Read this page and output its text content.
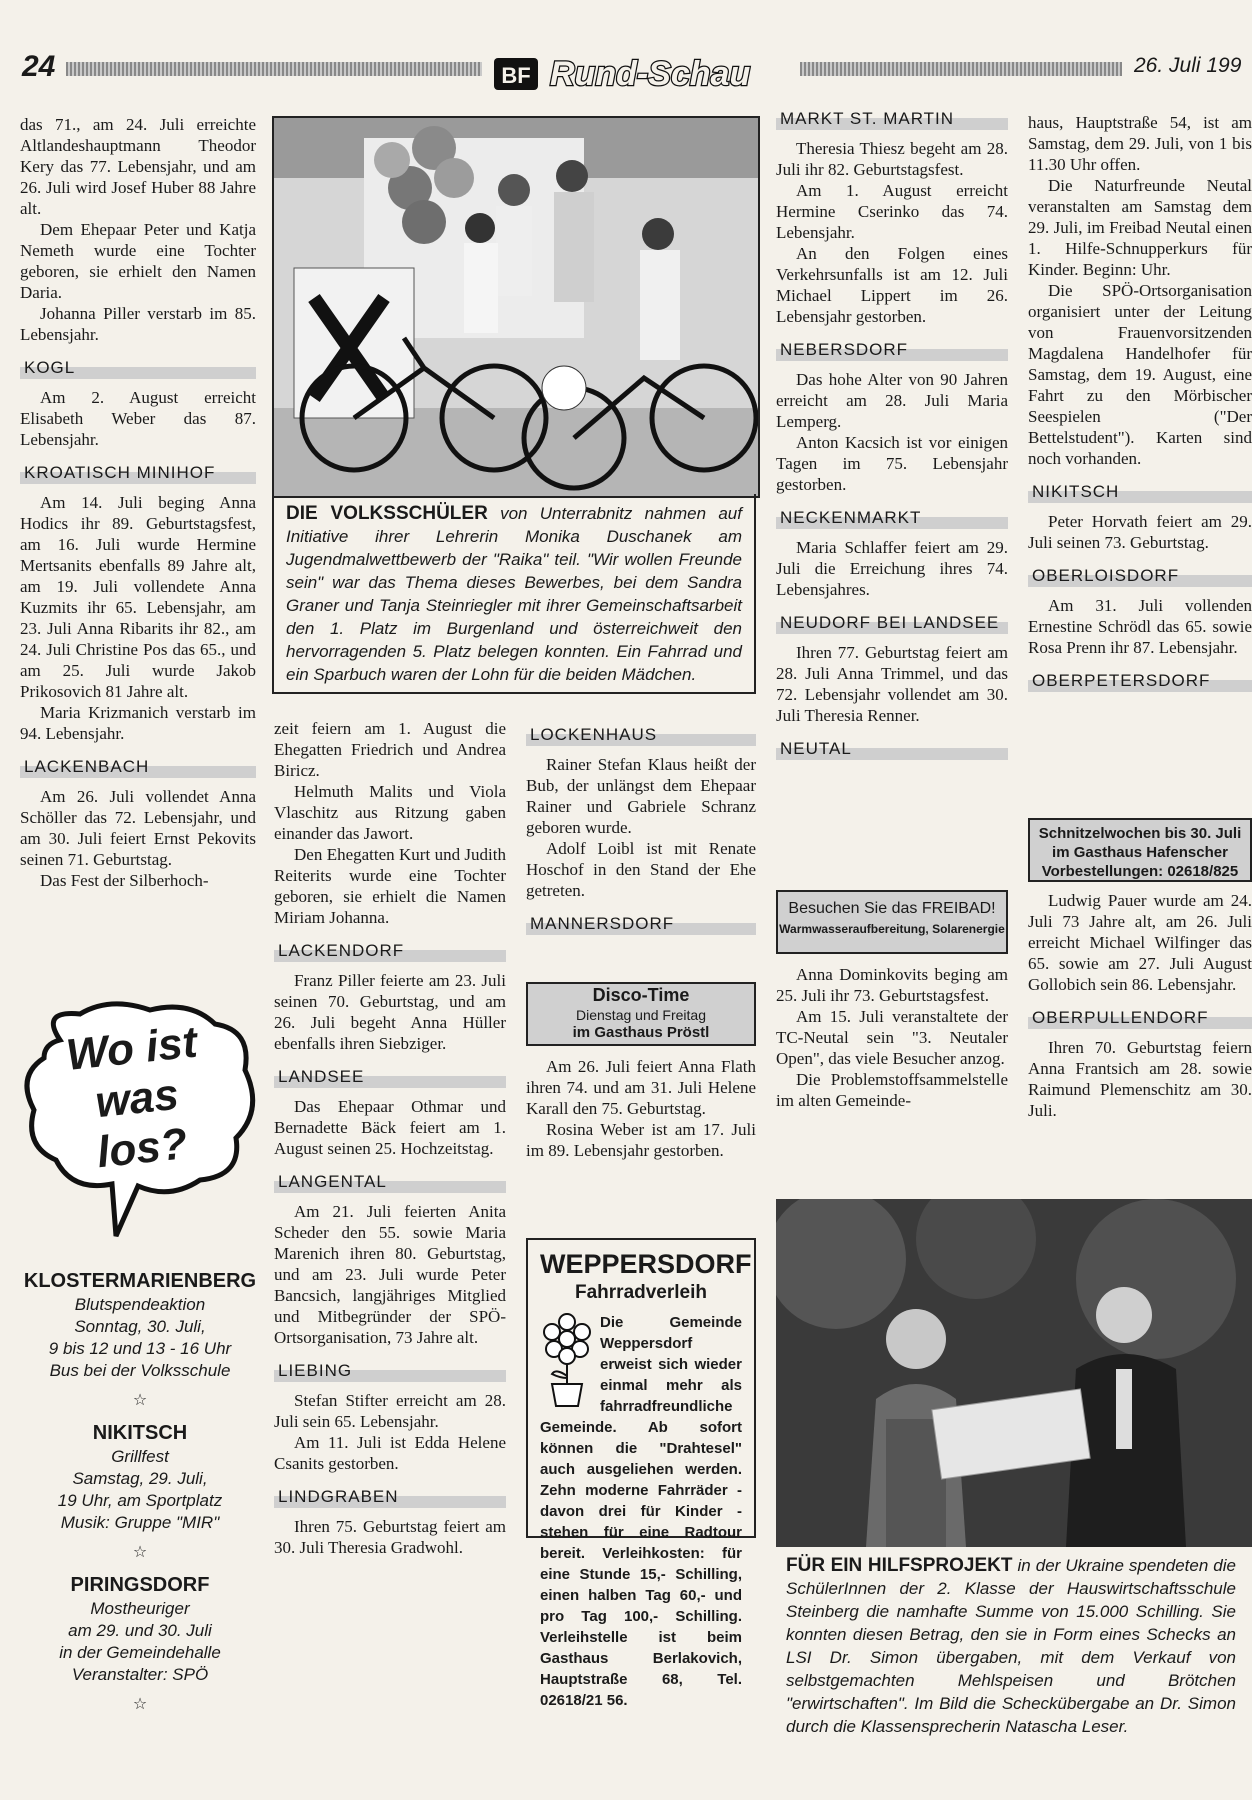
24	BF Rund-Schau	26. Juli 199

das 71., am 24. Juli erreichte Altlandeshauptmann Theodor Kery das 77. Lebensjahr, und am 26. Juli wird Josef Huber 88 Jahre alt.

Dem Ehepaar Peter und Katja Nemeth wurde eine Tochter geboren, sie erhielt den Namen Daria.

Johanna Piller verstarb im 85. Lebensjahr.

KOGL

Am 2. August erreicht Elisabeth Weber das 87. Lebensjahr.

KROATISCH MINIHOF

Am 14. Juli beging Anna Hodics ihr 89. Geburtstagsfest, am 16. Juli wurde Hermine Mertsanits ebenfalls 89 Jahre alt, am 19. Juli vollendete Anna Kuzmits ihr 65. Lebensjahr, am 23. Juli Anna Ribarits ihr 82., am 24. Juli Christine Pos das 65., und am 25. Juli wurde Jakob Prikosovich 81 Jahre alt.

Maria Krizmanich verstarb im 94. Lebensjahr.

LACKENBACH

Am 26. Juli vollendet Anna Schöller das 72. Lebensjahr, und am 30. Juli feiert Ernst Pekovits seinen 71. Geburtstag.

Das Fest der Silberhoch-

Wo ist was los?
KLOSTERMARIENBERG
Blutspendeaktion
Sonntag, 30. Juli,
9 bis 12 und 13 - 16 Uhr
Bus bei der Volksschule
☆
NIKITSCH
Grillfest
Samstag, 29. Juli,
19 Uhr, am Sportplatz
Musik: Gruppe "MIR"
☆
PIRINGSDORF
Mostheuriger
am 29. und 30. Juli
in der Gemeindehalle
Veranstalter: SPÖ
☆
DIE VOLKSSCHÜLER von Unterrabnitz nahmen auf Initiative ihrer Lehrerin Monika Duschanek am Jugendmalwettbewerb der "Raika" teil. "Wir wollen Freunde sein" war das Thema dieses Bewerbes, bei dem Sandra Graner und Tanja Steinriegler mit ihrer Gemeinschaftsarbeit den 1. Platz im Burgenland und österreichweit den hervorragenden 5. Platz belegen konnten. Ein Fahrrad und ein Sparbuch waren der Lohn für die beiden Mädchen.

zeit feiern am 1. August die Ehegatten Friedrich und Andrea Biricz.

Helmuth Malits und Viola Vlaschitz aus Ritzung gaben einander das Jawort.

Den Ehegatten Kurt und Judith Reiterits wurde eine Tochter geboren, sie erhielt die Namen Miriam Johanna.

LACKENDORF

Franz Piller feierte am 23. Juli seinen 70. Geburtstag, und am 26. Juli begeht Anna Hüller ebenfalls ihren Siebziger.

LANDSEE

Das Ehepaar Othmar und Bernadette Bäck feiert am 1. August seinen 25. Hochzeitstag.

LANGENTAL

Am 21. Juli feierten Anita Scheder den 55. sowie Maria Marenich ihren 80. Geburtstag, und am 23. Juli wurde Peter Bancsich, langjähriges Mitglied und Mitbegründer der SPÖ-Ortsorganisation, 73 Jahre alt.

LIEBING

Stefan Stifter erreicht am 28. Juli sein 65. Lebensjahr.

Am 11. Juli ist Edda Helene Csanits gestorben.

LINDGRABEN

Ihren 75. Geburtstag feiert am 30. Juli Theresia Gradwohl.

LOCKENHAUS

Rainer Stefan Klaus heißt der Bub, der unlängst dem Ehepaar Rainer und Gabriele Schranz geboren wurde.

Adolf Loibl ist mit Renate Hoschof in den Stand der Ehe getreten.

MANNERSDORF
Disco-Time
Dienstag und Freitag
im Gasthaus Pröstl

Am 26. Juli feiert Anna Flath ihren 74. und am 31. Juli Helene Karall den 75. Geburtstag.

Rosina Weber ist am 17. Juli im 89. Lebensjahr gestorben.

WEPPERSDORF
Fahrradverleih
Die Gemeinde Weppersdorf erweist sich wieder einmal mehr als fahrradfreundliche Gemeinde. Ab sofort können die "Drahtesel" auch ausgeliehen werden. Zehn moderne Fahrräder - davon drei für Kinder - stehen für eine Radtour bereit. Verleihkosten: für eine Stunde 15,- Schilling, einen halben Tag 60,- und pro Tag 100,- Schilling. Verleihstelle ist beim Gasthaus Berlakovich, Hauptstraße 68, Tel. 02618/21 56.
MARKT ST. MARTIN

Theresia Thiesz begeht am 28. Juli ihr 82. Geburtstagsfest.

Am 1. August erreicht Hermine Cserinko das 74. Lebensjahr.

An den Folgen eines Verkehrsunfalls ist am 12. Juli Michael Lippert im 26. Lebensjahr gestorben.

NEBERSDORF

Das hohe Alter von 90 Jahren erreicht am 28. Juli Maria Lemperg.

Anton Kacsich ist vor einigen Tagen im 75. Lebensjahr gestorben.

NECKENMARKT

Maria Schlaffer feiert am 29. Juli die Erreichung ihres 74. Lebensjahres.

NEUDORF BEI LANDSEE

Ihren 77. Geburtstag feiert am 28. Juli Anna Trimmel, und das 72. Lebensjahr vollendet am 30. Juli Theresia Renner.

NEUTAL
Besuchen Sie das FREIBAD!
Warmwasseraufbereitung, Solarenergie

Anna Dominkovits beging am 25. Juli ihr 73. Geburtstagsfest.

Am 15. Juli veranstaltete der TC-Neutal sein "3. Neutaler Open", das viele Besucher anzog.

Die Problemstoffsammelstelle im alten Gemeinde-

haus, Hauptstraße 54, ist am Samstag, dem 29. Juli, von 1 bis 11.30 Uhr offen.

Die Naturfreunde Neutal veranstalten am Samstag dem 29. Juli, im Freibad Neutal einen 1. Hilfe-Schnupperkurs für Kinder. Beginn: Uhr.

Die SPÖ-Ortsorganisation organisiert unter der Leitung von Frauenvorsitzenden Magdalena Handelhofer für Samstag, dem 19. August, eine Fahrt zu den Mörbischer Seespielen ("Der Bettelstudent"). Karten sind noch vorhanden.

NIKITSCH

Peter Horvath feiert am 29. Juli seinen 73. Geburtstag.

OBERLOISDORF

Am 31. Juli vollenden Ernestine Schrödl das 65. sowie Rosa Prenn ihr 87. Lebensjahr.

OBERPETERSDORF
Schnitzelwochen bis 30. Juli
im Gasthaus Hafenscher
Vorbestellungen: 02618/825

Ludwig Pauer wurde am 24. Juli 73 Jahre alt, am 26. Juli erreicht Michael Wilfinger das 65. sowie am 27. Juli August Gollobich sein 86. Lebensjahr.

OBERPULLENDORF

Ihren 70. Geburtstag feiern Anna Frantsich am 28. sowie Raimund Plemenschitz am 30. Juli.

FÜR EIN HILFSPROJEKT in der Ukraine spendeten die SchülerInnen der 2. Klasse der Hauswirtschaftsschule Steinberg die namhafte Summe von 15.000 Schilling. Sie konnten diesen Betrag, den sie in Form eines Schecks an LSI Dr. Simon übergaben, mit dem Verkauf von selbstgemachten Mehlspeisen und Brötchen "erwirtschaften". Im Bild die Scheckübergabe an Dr. Simon durch die Klassensprecherin Natascha Leser.
